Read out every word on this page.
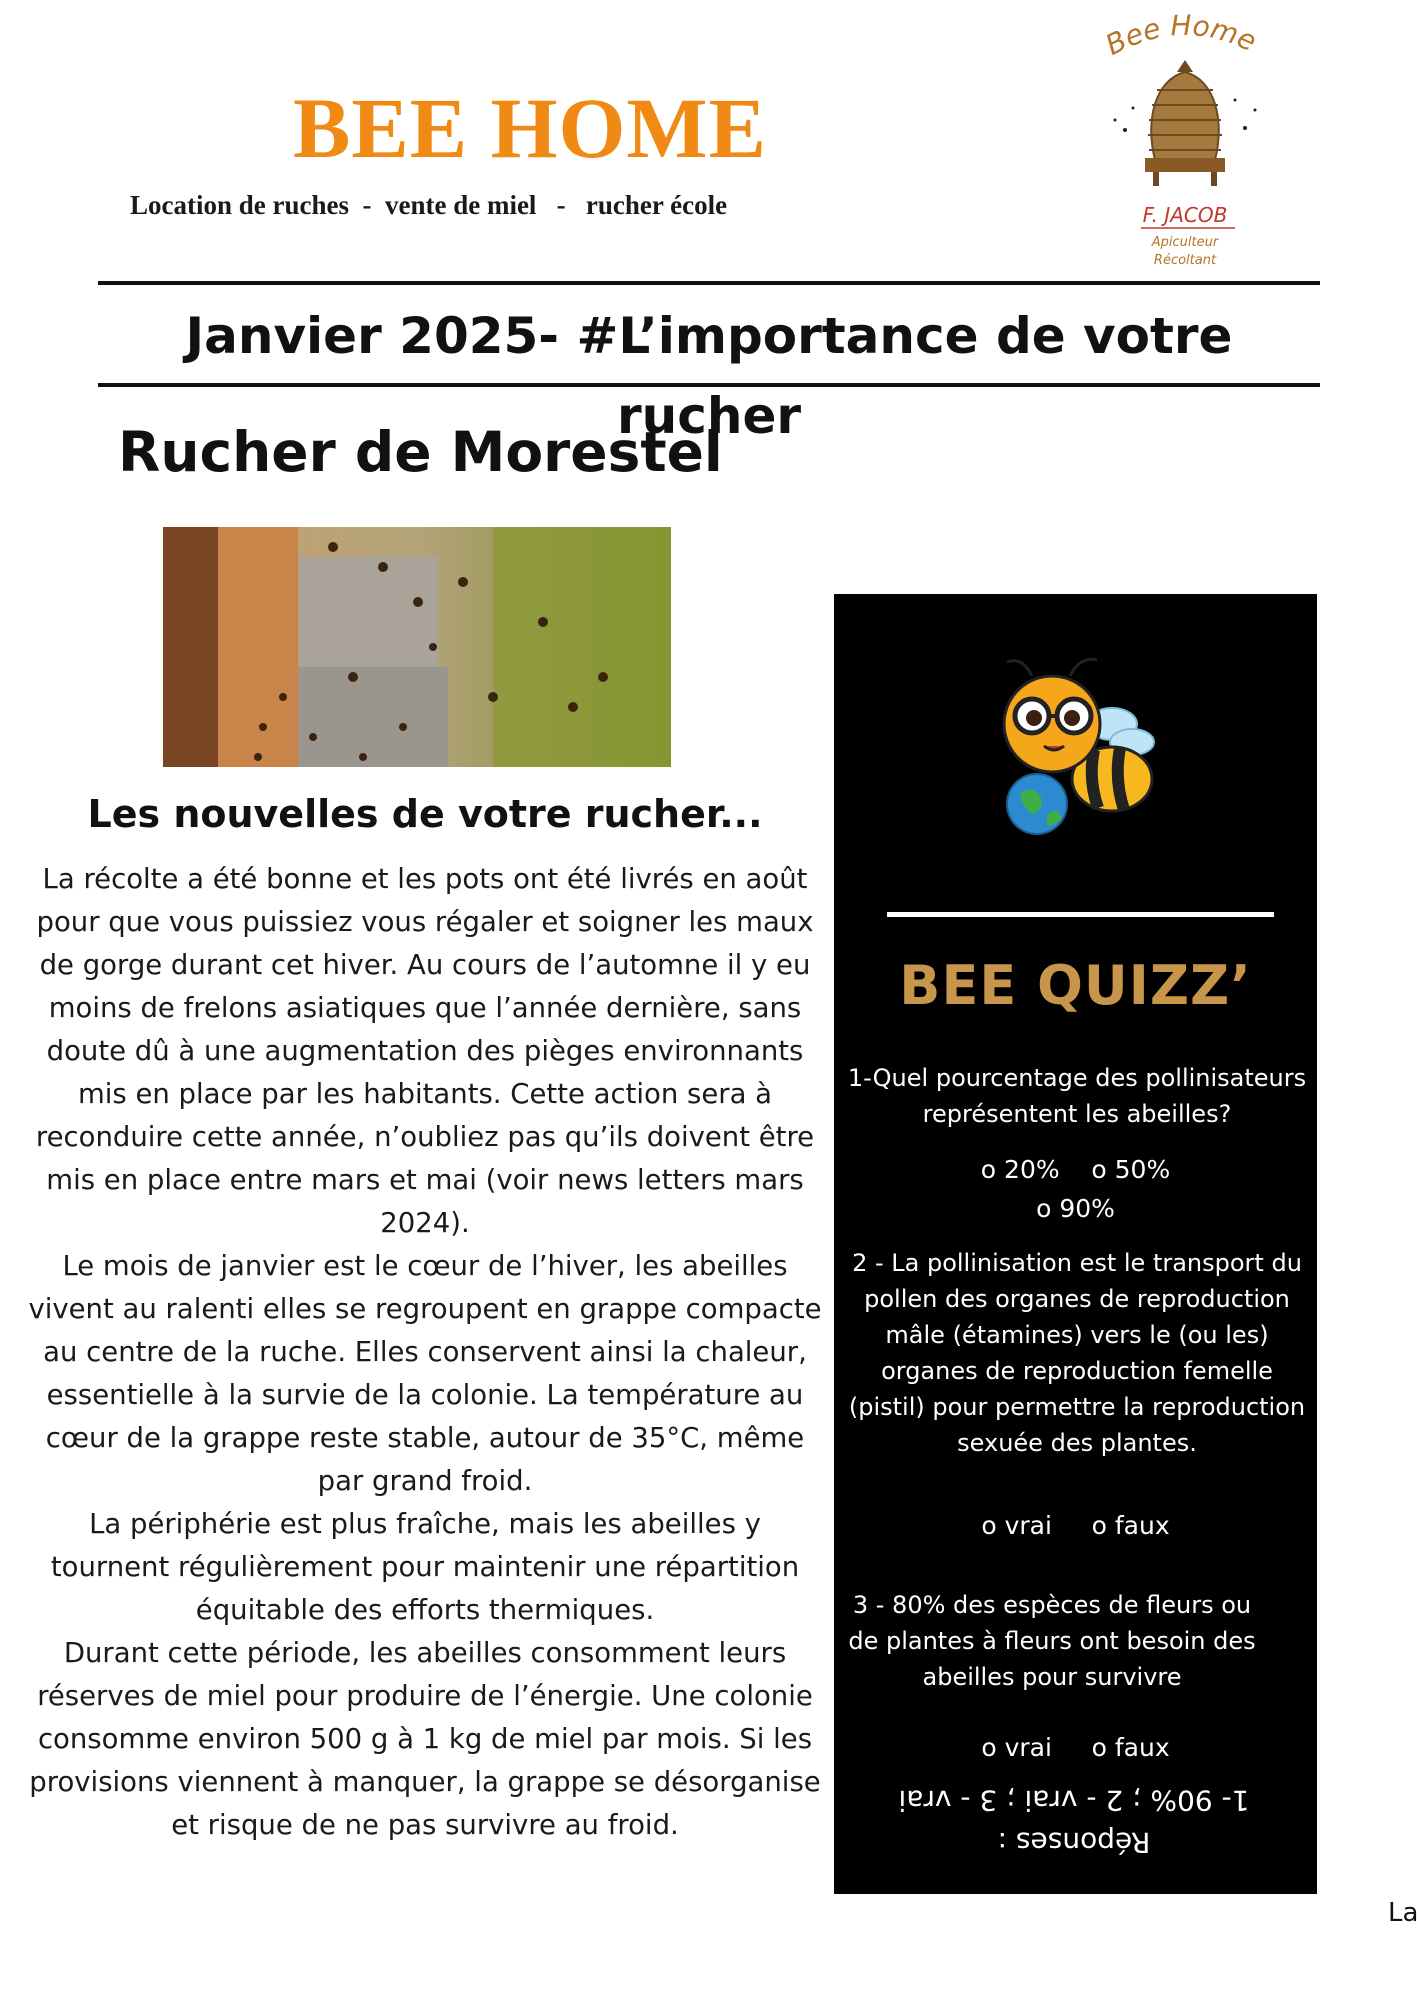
BEE HOME
Location de ruches  -  vente de miel   -   rucher école
Bee Home
F. JACOB
Apiculteur
Récoltant
Janvier 2025- #L’importance de votre rucher
Rucher de Morestel
Les nouvelles de votre rucher...

La récolte a été bonne et les pots ont été livrés en août pour que vous puissiez vous régaler et soigner les maux de gorge durant cet hiver. Au cours de l’automne il y eu moins de frelons asiatiques que l’année dernière, sans doute dû à une augmentation des pièges environnants mis en place par les habitants. Cette action sera à reconduire cette année, n’oubliez pas qu’ils doivent être mis en place entre mars et mai (voir news letters mars 2024).

Le mois de janvier est le cœur de l’hiver, les abeilles vivent au ralenti elles se regroupent en grappe compacte au centre de la ruche. Elles conservent ainsi la chaleur, essentielle à la survie de la colonie. La température au cœur de la grappe reste stable, autour de 35°C, même par grand froid.

La périphérie est plus fraîche, mais les abeilles y tournent régulièrement pour maintenir une répartition équitable des efforts thermiques.

Durant cette période, les abeilles consomment leurs réserves de miel pour produire de l’énergie. Une colonie consomme environ 500 g à 1 kg de miel par mois. Si les provisions viennent à manquer, la grappe se désorganise et risque de ne pas survivre au froid.

BEE QUIZZ’

1-Quel pourcentage des pollinisateurs représentent les abeilles?

o 20%    o 50%
o 90%

2 - La pollinisation est le transport du pollen des organes de reproduction mâle (étamines) vers le (ou les) organes de reproduction femelle (pistil) pour permettre la reproduction sexuée des plantes.

o vrai     o faux

3 - 80% des espèces de fleurs ou de plantes à fleurs ont besoin des abeilles pour survivre

o vrai     o faux
Réponses :
1- 90% ; 2 - vrai ; 3 - vrai
La
